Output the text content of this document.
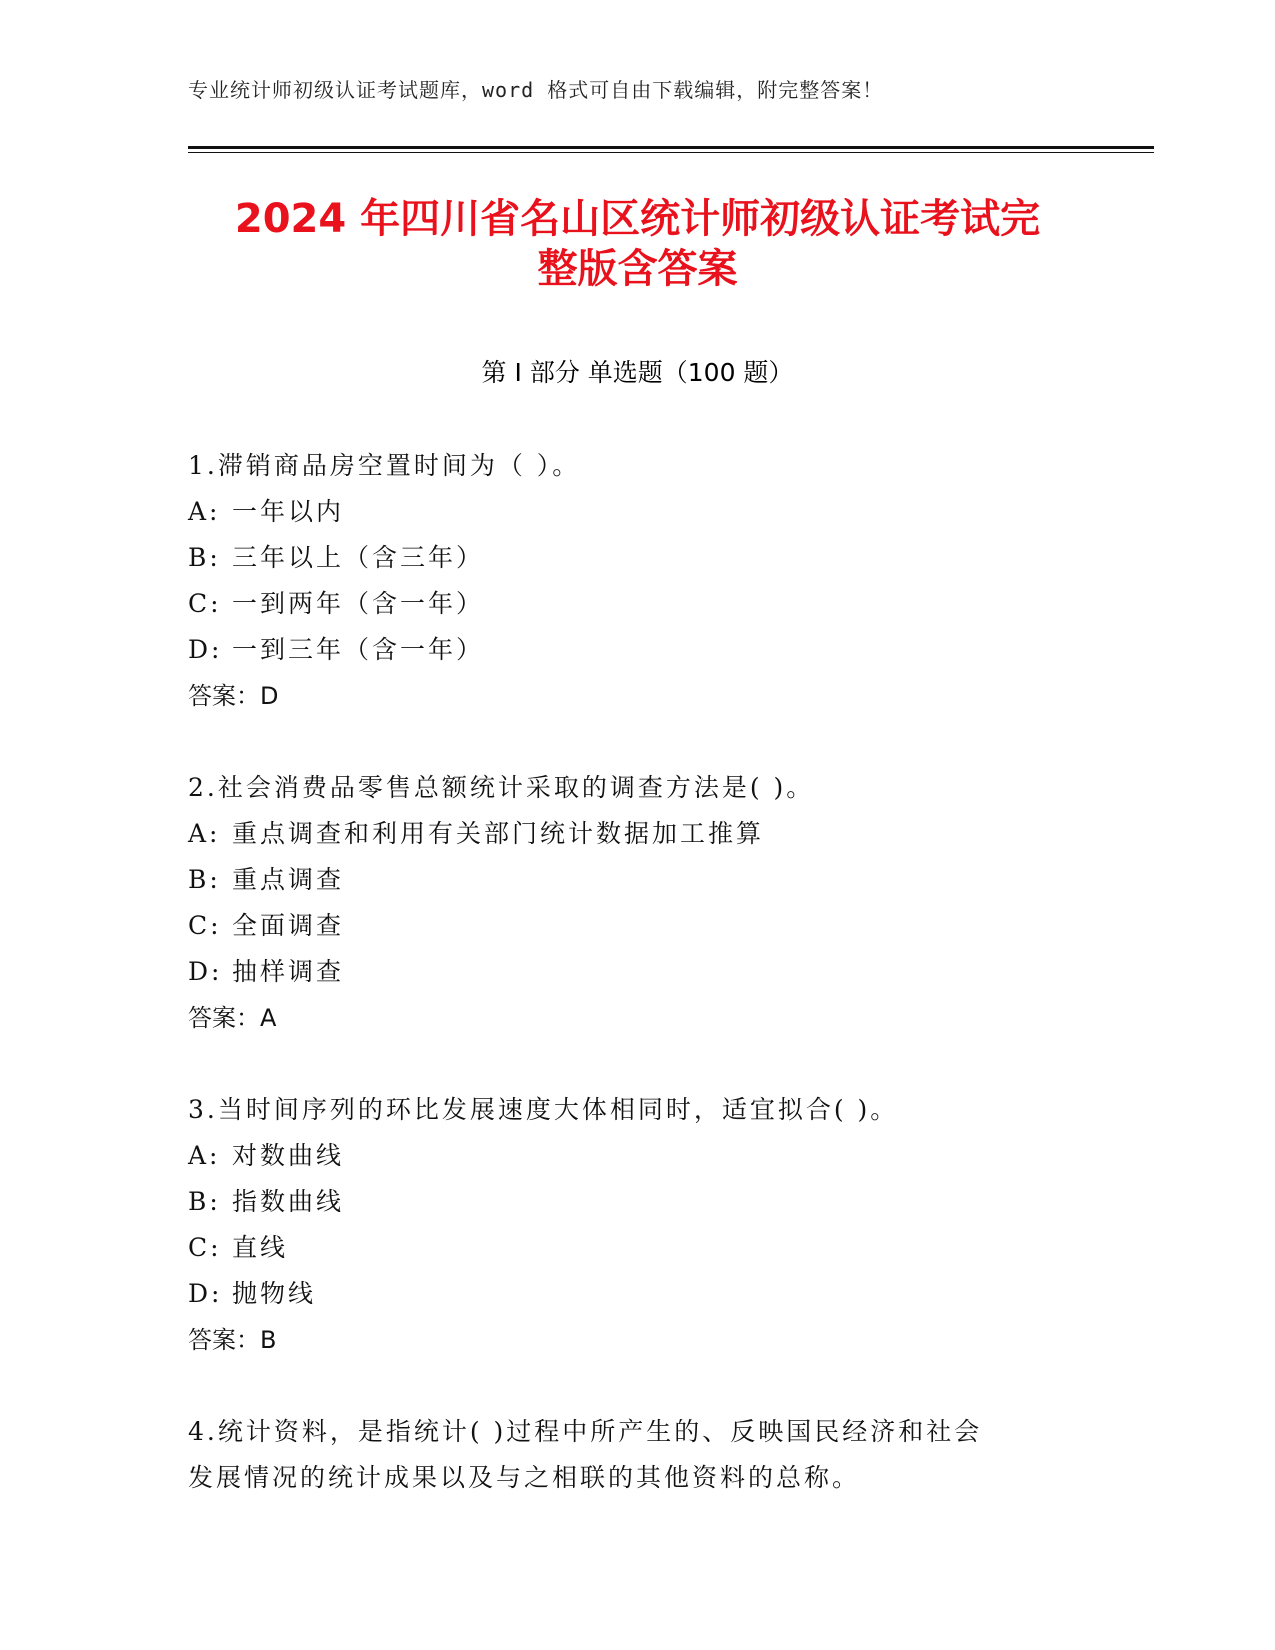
专业统计师初级认证考试题库，word 格式可自由下载编辑，附完整答案！
2024 年四川省名山区统计师初级认证考试完
整版含答案
第 I 部分 单选题（100 题）
1.滞销商品房空置时间为（ ）。
A: 一年以内
B: 三年以上（含三年）
C: 一到两年（含一年）
D: 一到三年（含一年）
答案：D
2.社会消费品零售总额统计采取的调查方法是( )。
A: 重点调查和利用有关部门统计数据加工推算
B: 重点调查
C: 全面调查
D: 抽样调查
答案：A
3.当时间序列的环比发展速度大体相同时，适宜拟合( )。
A: 对数曲线
B: 指数曲线
C: 直线
D: 抛物线
答案：B
4.统计资料，是指统计( )过程中所产生的、反映国民经济和社会
发展情况的统计成果以及与之相联的其他资料的总称。
